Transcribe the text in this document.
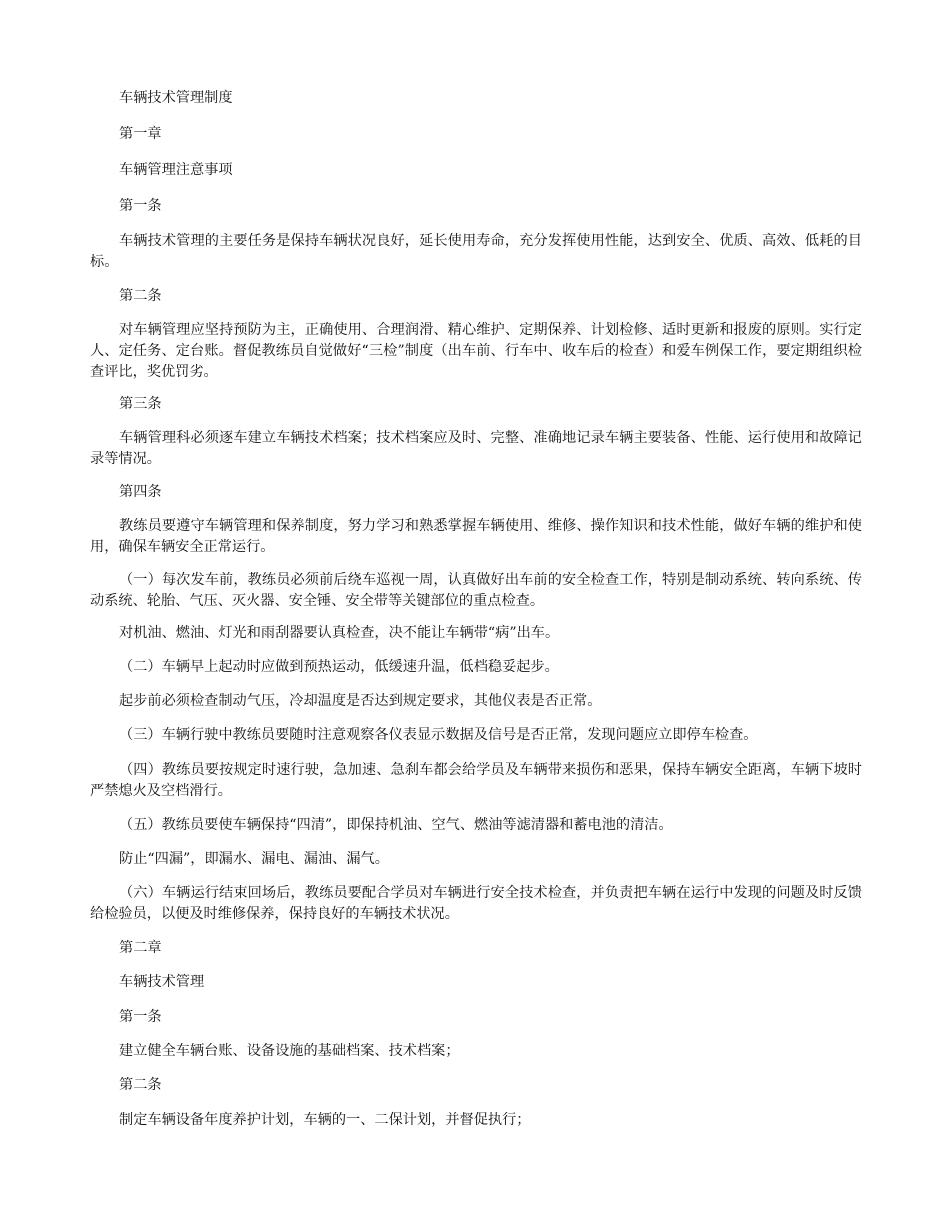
车辆技术管理制度

第一章

车辆管理注意事项

第一条

车辆技术管理的主要任务是保持车辆状况良好，延长使用寿命，充分发挥使用性能，达到安全、优质、高效、低耗的目标。

第二条

对车辆管理应坚持预防为主，正确使用、合理润滑、精心维护、定期保养、计划检修、适时更新和报废的原则。实行定人、定任务、定台账。督促教练员自觉做好“三检”制度（出车前、行车中、收车后的检查）和爱车例保工作，要定期组织检查评比，奖优罚劣。

第三条

车辆管理科必须逐车建立车辆技术档案；技术档案应及时、完整、准确地记录车辆主要装备、性能、运行使用和故障记录等情况。

第四条

教练员要遵守车辆管理和保养制度，努力学习和熟悉掌握车辆使用、维修、操作知识和技术性能，做好车辆的维护和使用，确保车辆安全正常运行。

（一）每次发车前，教练员必须前后绕车巡视一周，认真做好出车前的安全检查工作，特别是制动系统、转向系统、传动系统、轮胎、气压、灭火器、安全锤、安全带等关键部位的重点检查。

对机油、燃油、灯光和雨刮器要认真检查，决不能让车辆带“病”出车。

（二）车辆早上起动时应做到预热运动，低缓速升温，低档稳妥起步。

起步前必须检查制动气压，冷却温度是否达到规定要求，其他仪表是否正常。

（三）车辆行驶中教练员要随时注意观察各仪表显示数据及信号是否正常，发现问题应立即停车检查。

（四）教练员要按规定时速行驶，急加速、急刹车都会给学员及车辆带来损伤和恶果，保持车辆安全距离，车辆下坡时严禁熄火及空档滑行。

（五）教练员要使车辆保持“四清”，即保持机油、空气、燃油等滤清器和蓄电池的清洁。

防止“四漏”，即漏水、漏电、漏油、漏气。

（六）车辆运行结束回场后，教练员要配合学员对车辆进行安全技术检查，并负责把车辆在运行中发现的问题及时反馈给检验员，以便及时维修保养，保持良好的车辆技术状况。

第二章

车辆技术管理

第一条

建立健全车辆台账、设备设施的基础档案、技术档案；

第二条

制定车辆设备年度养护计划，车辆的一、二保计划，并督促执行；
